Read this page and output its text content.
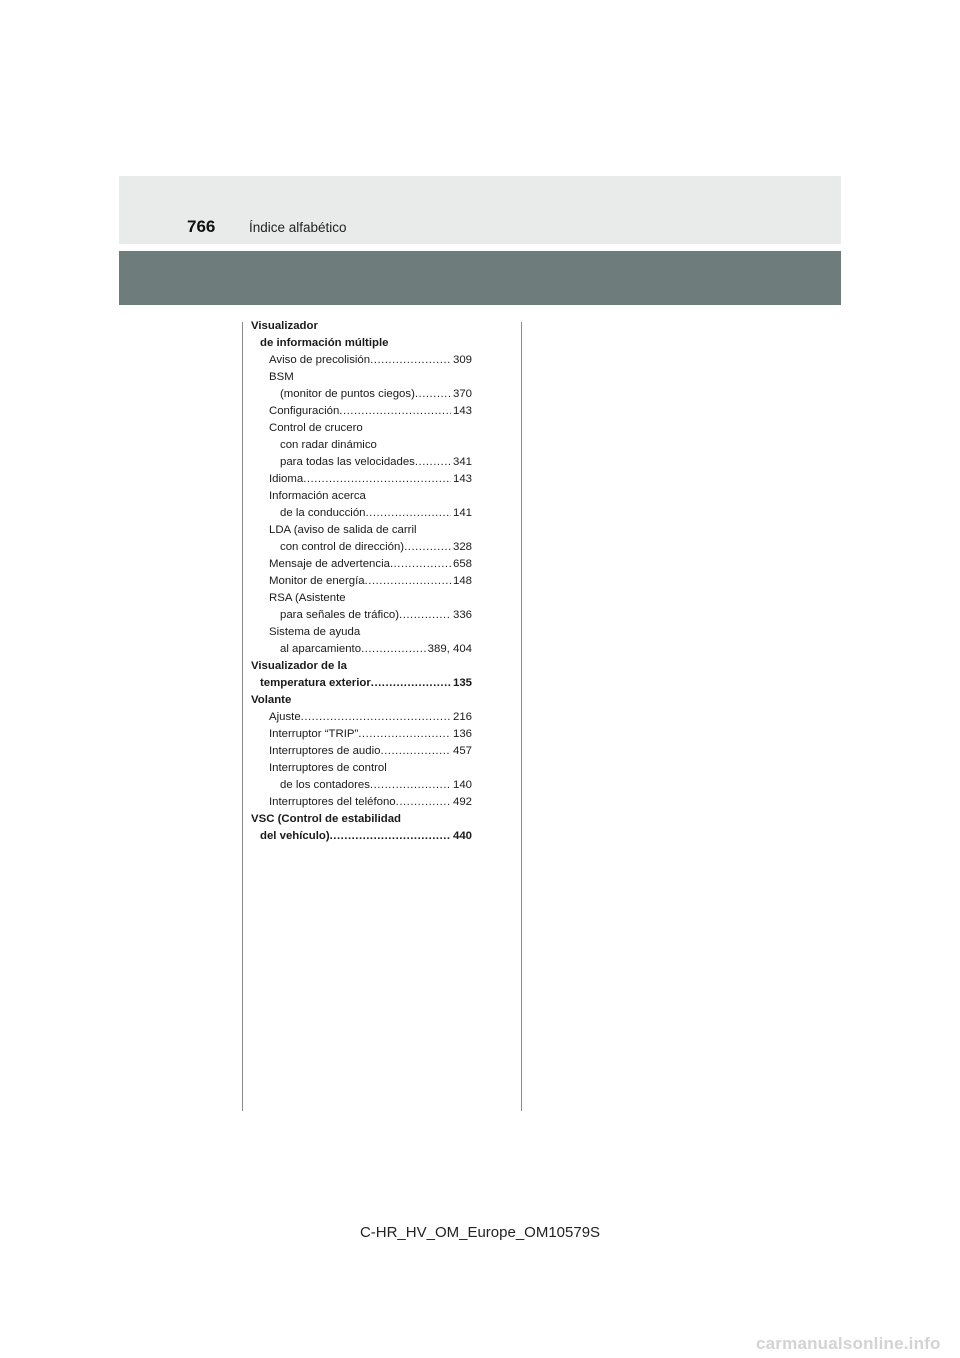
766 Índice alfabético
Visualizador
de información múltiple
Aviso de precolisión .....	309
BSM
(monitor de puntos ciegos) .....	370
Configuración .....	143
Control de crucero
con radar dinámico
para todas las velocidades .....	341
Idioma .....	143
Información acerca
de la conducción .....	141
LDA (aviso de salida de carril
con control de dirección) .....	328
Mensaje de advertencia .....	658
Monitor de energía .....	148
RSA (Asistente
para señales de tráfico) .....	336
Sistema de ayuda
al aparcamiento .....	389, 404
Visualizador de la
temperatura exterior .....	135
Volante
Ajuste .....	216
Interruptor “TRIP” .....	136
Interruptores de audio .....	457
Interruptores de control
de los contadores .....	140
Interruptores del teléfono .....	492
VSC (Control de estabilidad
del vehículo) .....	440
C-HR_HV_OM_Europe_OM10579S
carmanualsonline.info
